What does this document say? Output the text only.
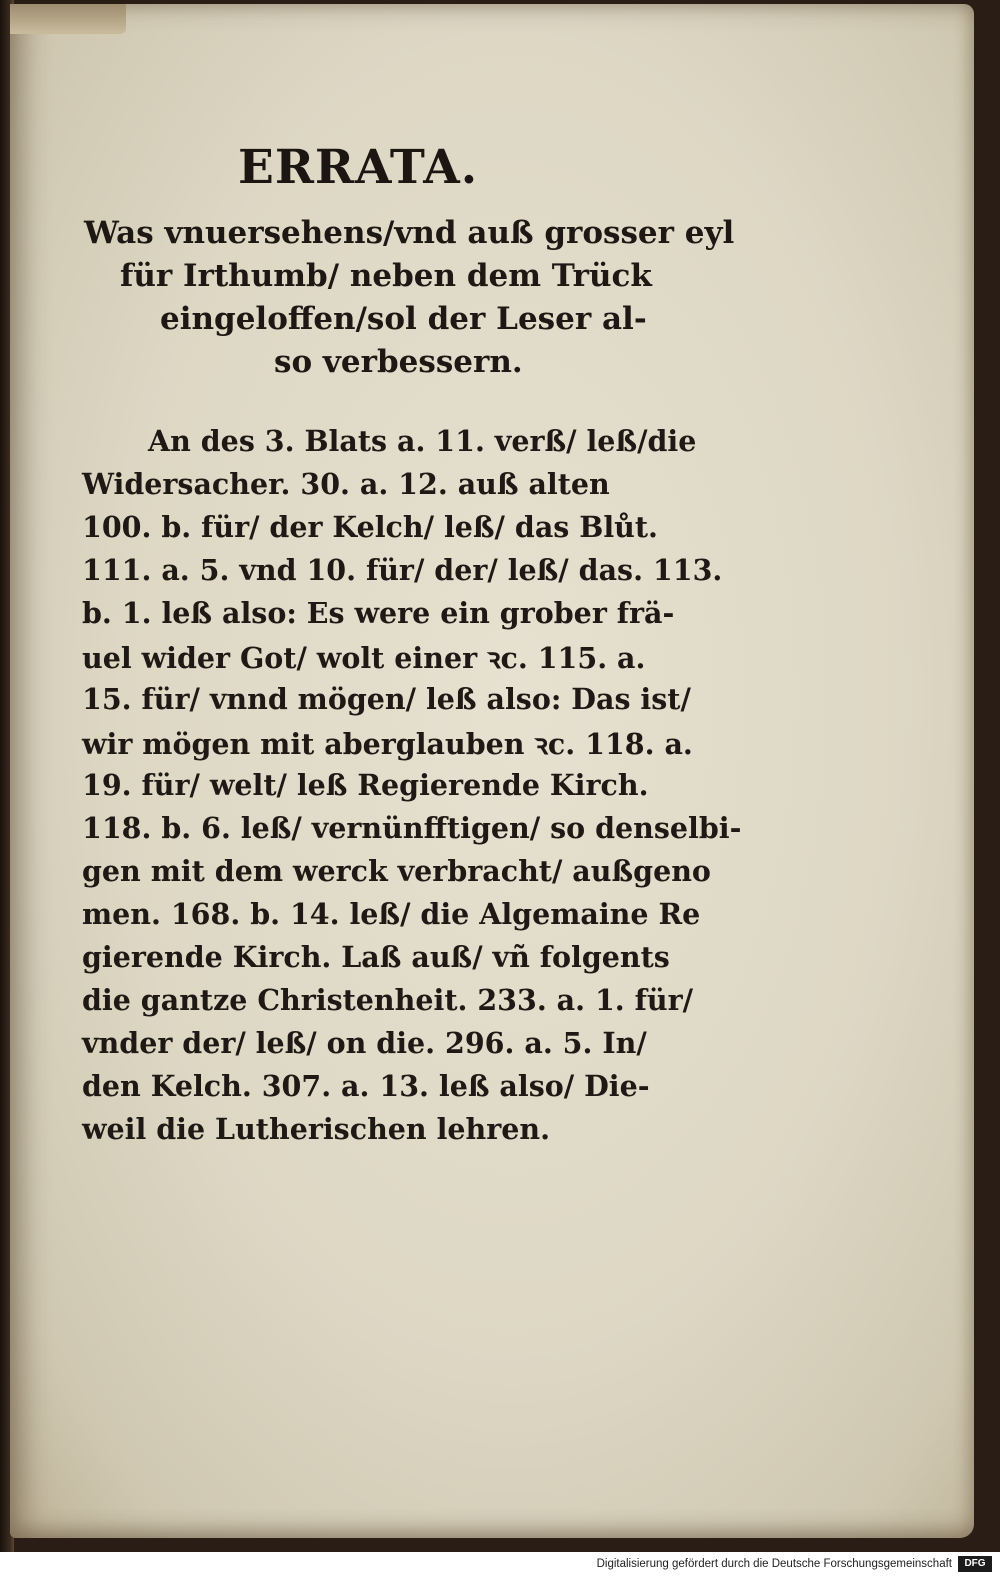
ERRATA.

Was vnuersehens/vnd auß grosser eyl

für Irthumb/ neben dem Trück

eingeloffen/sol der Leser al-

so verbessern.

An des 3. Blats a. 11. verß/ leß/die

Widersacher. 30. a. 12. auß alten

100. b. für/ der Kelch/ leß/ das Blůt.

111. a. 5. vnd 10. für/ der/ leß/ das. 113.

b. 1. leß also: Es were ein grober frä-

uel wider Got/ wolt einer ꝛc. 115. a.

15. für/ vnnd mögen/ leß also: Das ist/

wir mögen mit aberglauben ꝛc. 118. a.

19. für/ welt/ leß Regierende Kirch.

118. b. 6. leß/ vernünfftigen/ so denselbi-

gen mit dem werck verbracht/ außgeno

men. 168. b. 14. leß/ die Algemaine Re

gierende Kirch. Laß auß/ vñ folgents

die gantze Christenheit. 233. a. 1. für/

vnder der/ leß/ on die. 296. a. 5. In/

den Kelch. 307. a. 13. leß also/ Die-

weil die Lutherischen lehren.

Digitalisierung gefördert durch die Deutsche Forschungsgemeinschaft	DFG
